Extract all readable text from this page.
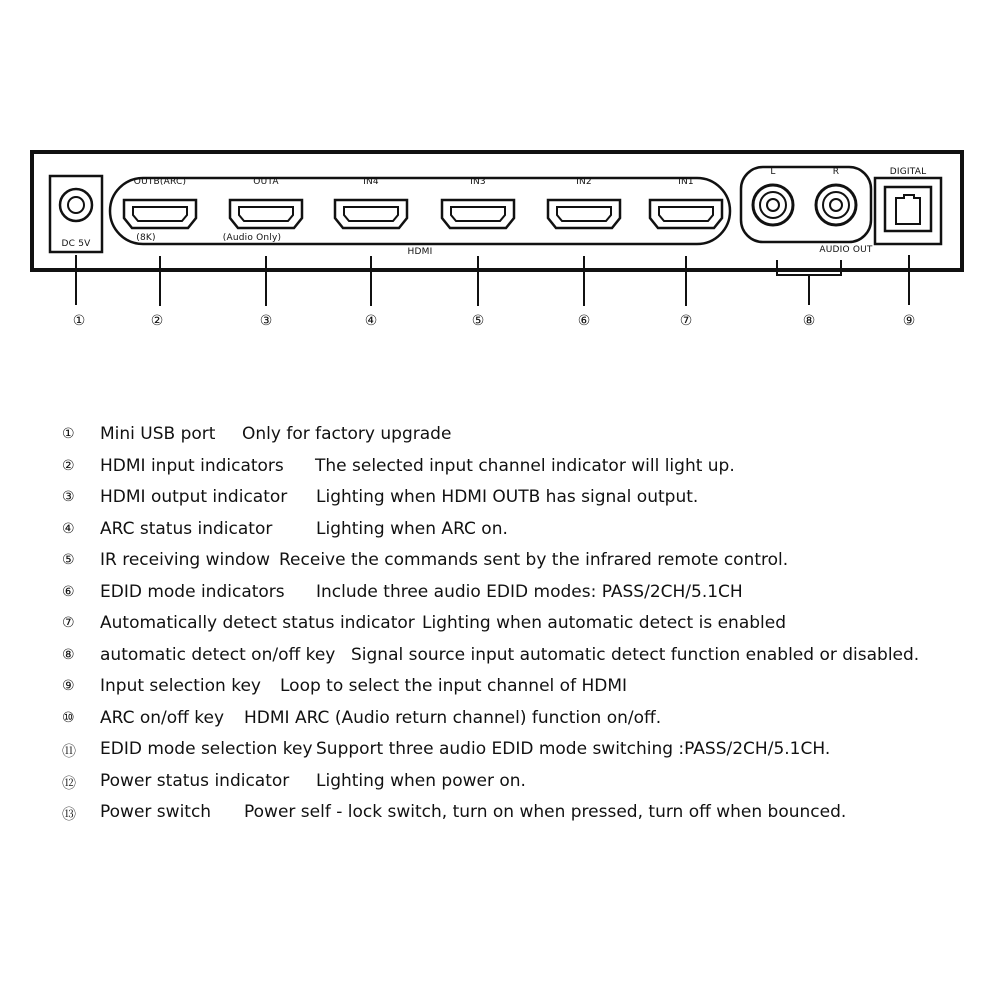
DC 5V
HDMI
OUTB(ARC)
(8K)
OUTA
(Audio Only)
IN4	IN3	IN2	IN1
L	R	DIGITAL
AUDIO OUT
①	②	③	④	⑤	⑥	⑦	⑧	⑨
① Mini USB port Only for factory upgrade
② HDMI input indicators The selected input channel indicator will light up.
③ HDMI output indicator Lighting when HDMI OUTB has signal output.
④ ARC status indicator	Lighting when ARC on.
⑤ IR receiving window Receive the commands sent by the infrared remote control.
⑥ EDID mode indicators Include three audio EDID modes: PASS/2CH/5.1CH
⑦ Automatically detect status indicator Lighting when automatic detect is enabled
⑧ automatic detect on/off key Signal source input automatic detect function enabled or disabled.
⑨ Input selection key Loop to select the input channel of HDMI
⑩ ARC on/off key HDMI ARC (Audio return channel) function on/off.
⑪ EDID mode selection key Support three audio EDID mode switching :PASS/2CH/5.1CH.
⑫ Power status indicator Lighting when power on.
⑬ Power switch Power self - lock switch, turn on when pressed, turn off when bounced.
